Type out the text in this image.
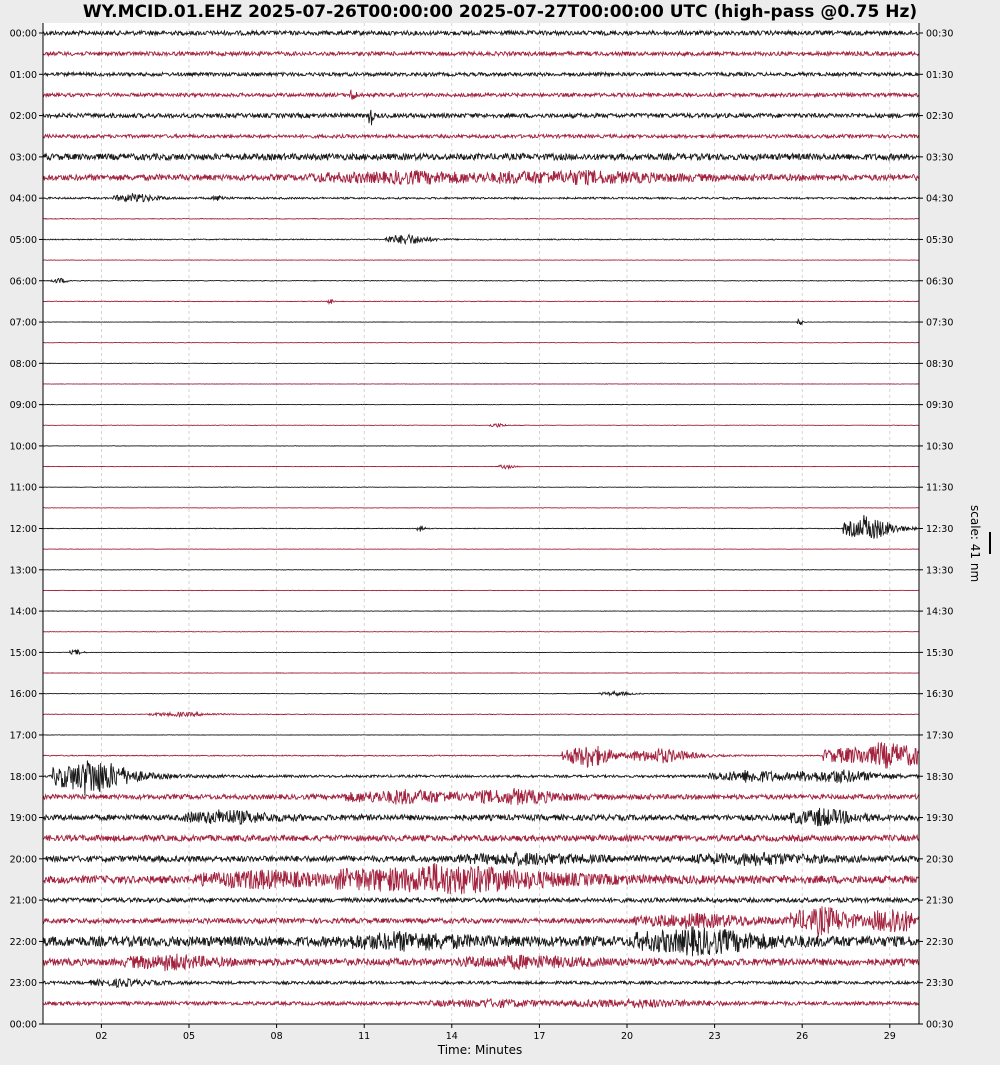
WY.MCID.01.EHZ 2025-07-26T00:00:00 2025-07-27T00:00:00 UTC (high-pass @0.75 Hz)
00:00
01:00
02:00
03:00
04:00
05:00
06:00
07:00
08:00
09:00
10:00
11:00
12:00
13:00
14:00
15:00
16:00
17:00
18:00
19:00
20:00
21:00
22:00
23:00
00:00
00:30
01:30
02:30
03:30
04:30
05:30
06:30
07:30
08:30
09:30
10:30
11:30
12:30
13:30
14:30
15:30
16:30
17:30
18:30
19:30
20:30
21:30
22:30
23:30
00:30
02	05	08	11	14	17	20	23	26	29
scale: 41 nm
Time: Minutes
